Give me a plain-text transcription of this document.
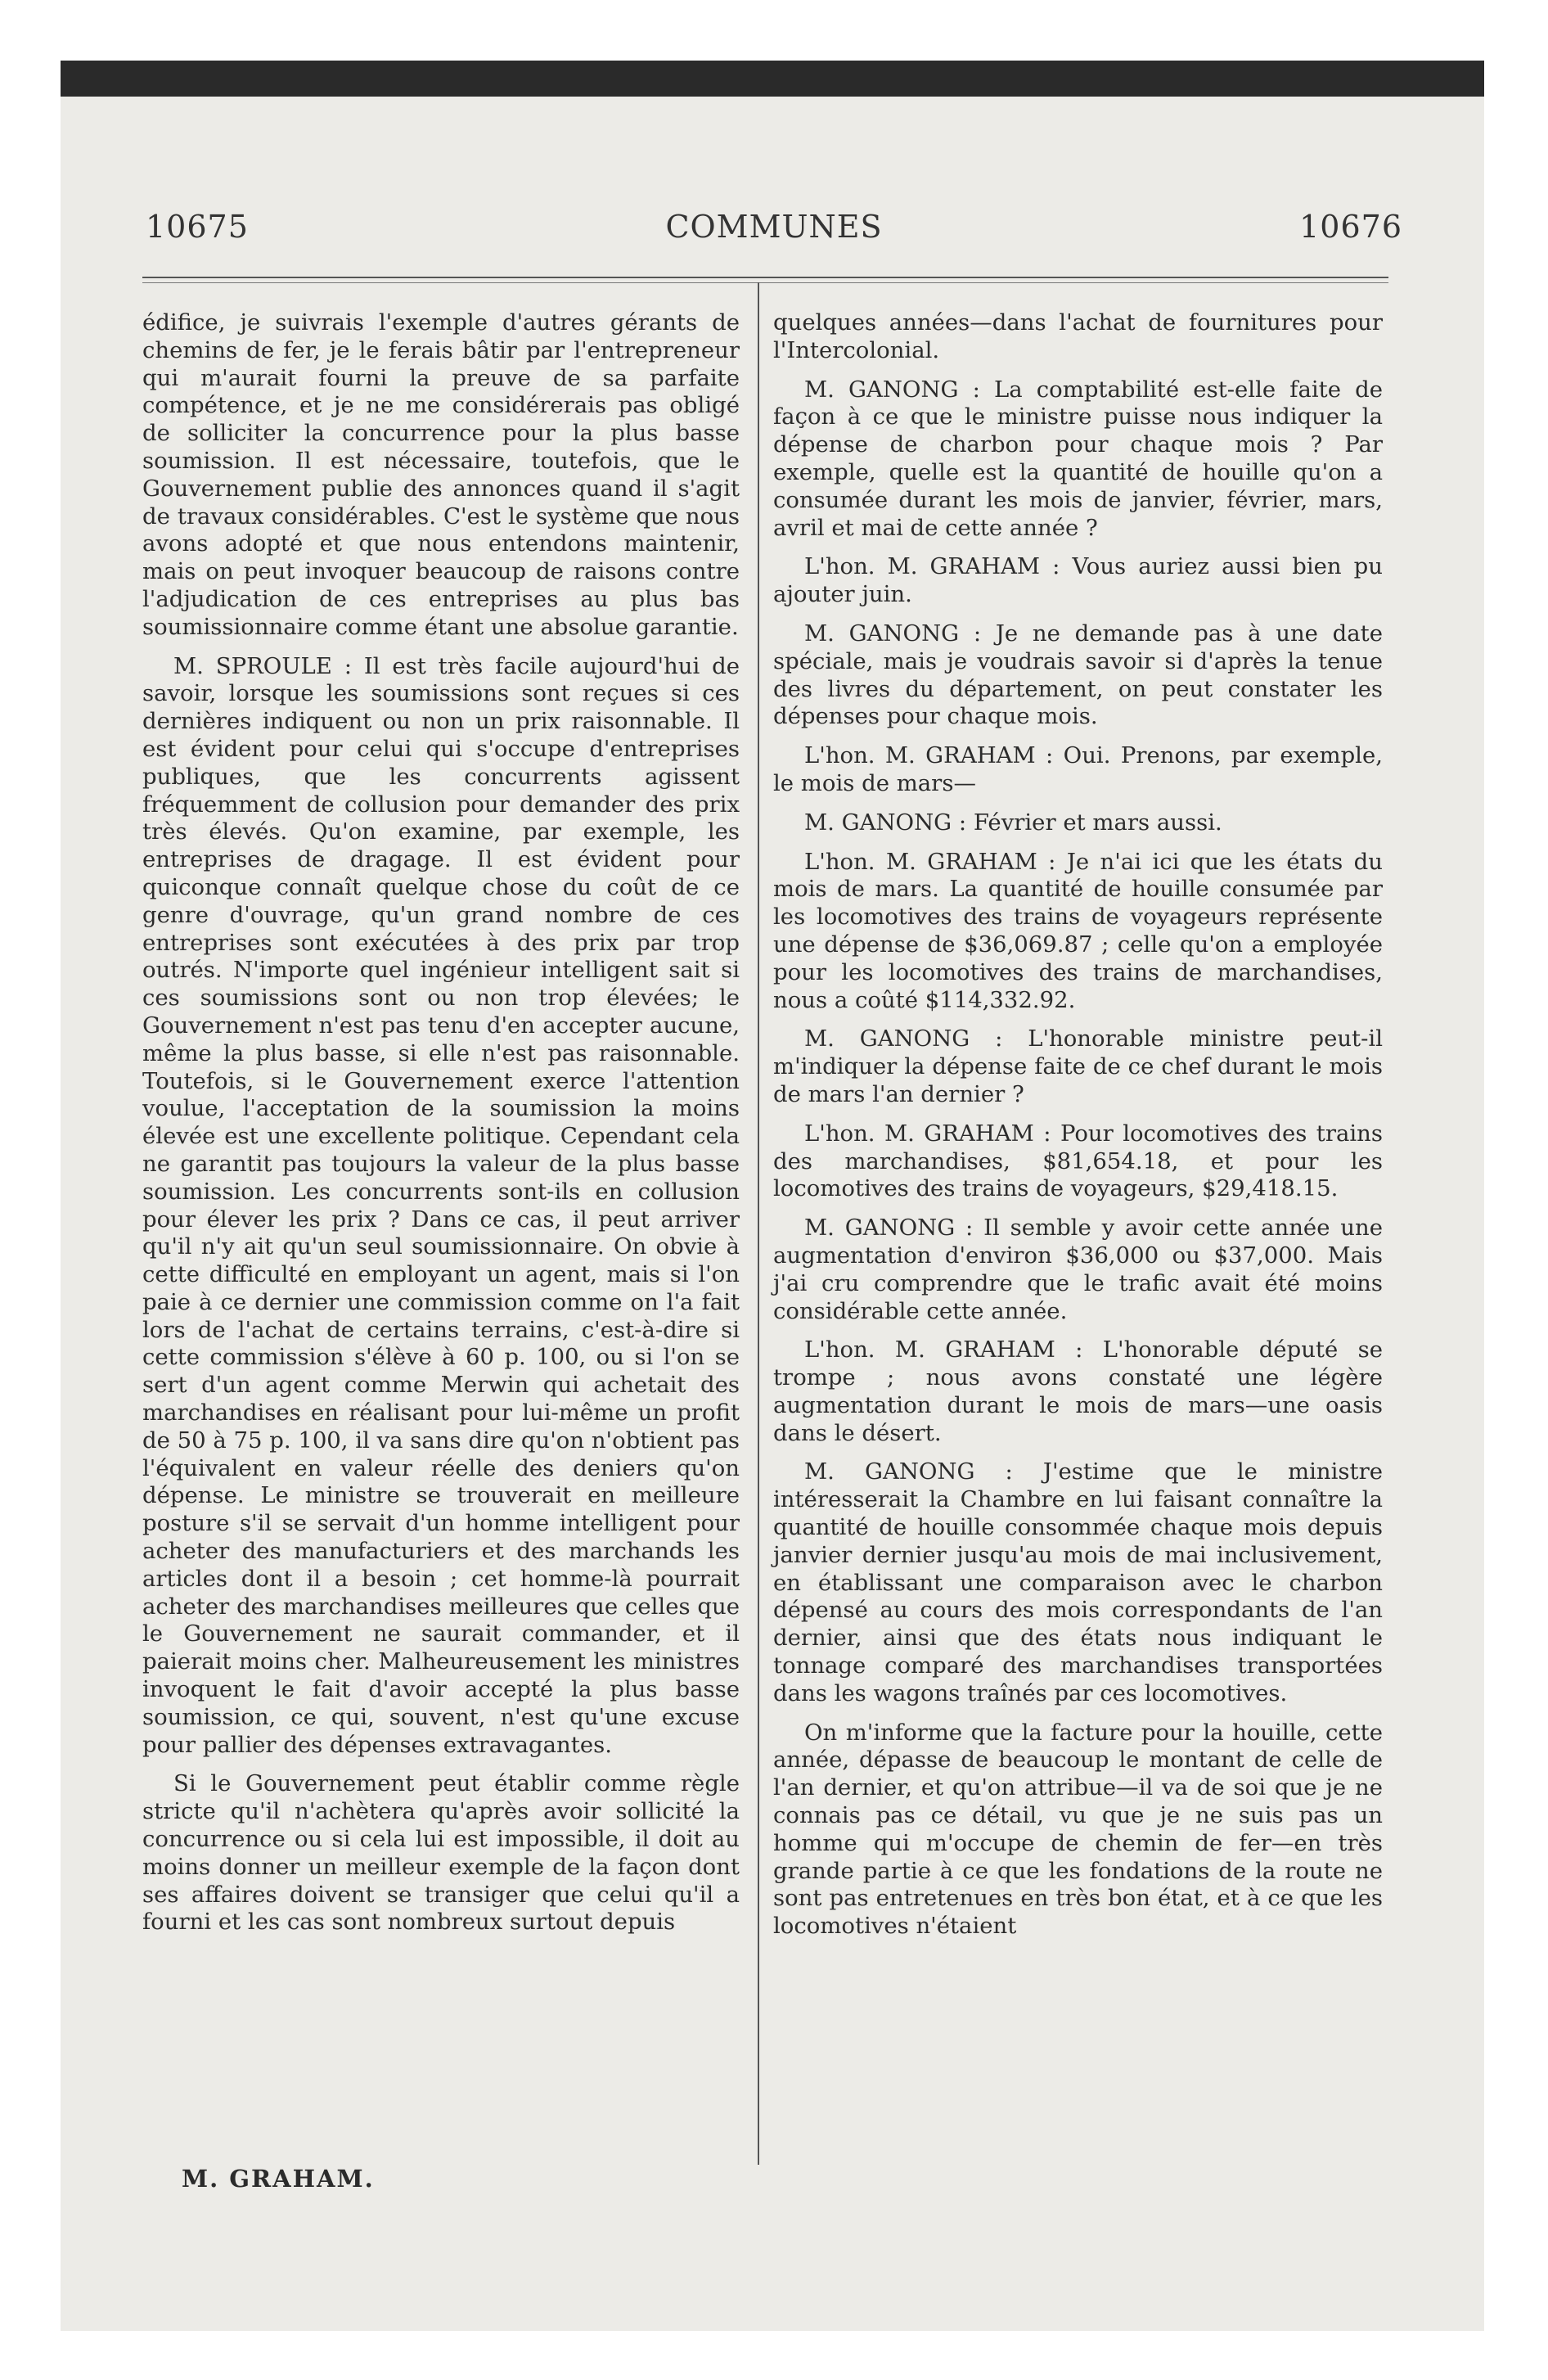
10675	COMMUNES	10676

édifice, je suivrais l'exemple d'autres gérants de chemins de fer, je le ferais bâtir par l'entrepreneur qui m'aurait fourni la preuve de sa parfaite compétence, et je ne me considérerais pas obligé de solliciter la concurrence pour la plus basse soumission. Il est nécessaire, toutefois, que le Gouvernement publie des annonces quand il s'agit de travaux considérables. C'est le système que nous avons adopté et que nous entendons maintenir, mais on peut invoquer beaucoup de raisons contre l'adjudication de ces entreprises au plus bas soumissionnaire comme étant une absolue garantie.

M. SPROULE : Il est très facile aujourd'hui de savoir, lorsque les soumissions sont reçues si ces dernières indiquent ou non un prix raisonnable. Il est évident pour celui qui s'occupe d'entreprises publiques, que les concurrents agissent fréquemment de collusion pour demander des prix très élevés. Qu'on examine, par exemple, les entreprises de dragage. Il est évident pour quiconque connaît quelque chose du coût de ce genre d'ouvrage, qu'un grand nombre de ces entreprises sont exécutées à des prix par trop outrés. N'importe quel ingénieur intelligent sait si ces soumissions sont ou non trop élevées; le Gouvernement n'est pas tenu d'en accepter aucune, même la plus basse, si elle n'est pas raisonnable. Toutefois, si le Gouvernement exerce l'attention voulue, l'acceptation de la soumission la moins élevée est une excellente politique. Cependant cela ne garantit pas toujours la valeur de la plus basse soumission. Les concurrents sont-ils en collusion pour élever les prix ? Dans ce cas, il peut arriver qu'il n'y ait qu'un seul soumissionnaire. On obvie à cette difficulté en employant un agent, mais si l'on paie à ce dernier une commission comme on l'a fait lors de l'achat de certains terrains, c'est-à-dire si cette commission s'élève à 60 p. 100, ou si l'on se sert d'un agent comme Merwin qui achetait des marchandises en réalisant pour lui-même un profit de 50 à 75 p. 100, il va sans dire qu'on n'obtient pas l'équivalent en valeur réelle des deniers qu'on dépense. Le ministre se trouverait en meilleure posture s'il se servait d'un homme intelligent pour acheter des manufacturiers et des marchands les articles dont il a besoin ; cet homme-là pourrait acheter des marchandises meilleures que celles que le Gouvernement ne saurait commander, et il paierait moins cher. Malheureusement les ministres invoquent le fait d'avoir accepté la plus basse soumission, ce qui, souvent, n'est qu'une excuse pour pallier des dépenses extravagantes.

Si le Gouvernement peut établir comme règle stricte qu'il n'achètera qu'après avoir sollicité la concurrence ou si cela lui est impossible, il doit au moins donner un meilleur exemple de la façon dont ses affaires doivent se transiger que celui qu'il a fourni et les cas sont nombreux surtout depuis

M. GRAHAM.

quelques années—dans l'achat de fournitures pour l'Intercolonial.

M. GANONG : La comptabilité est-elle faite de façon à ce que le ministre puisse nous indiquer la dépense de charbon pour chaque mois ? Par exemple, quelle est la quantité de houille qu'on a consumée durant les mois de janvier, février, mars, avril et mai de cette année ?

L'hon. M. GRAHAM : Vous auriez aussi bien pu ajouter juin.

M. GANONG : Je ne demande pas à une date spéciale, mais je voudrais savoir si d'après la tenue des livres du département, on peut constater les dépenses pour chaque mois.

L'hon. M. GRAHAM : Oui. Prenons, par exemple, le mois de mars—

M. GANONG : Février et mars aussi.

L'hon. M. GRAHAM : Je n'ai ici que les états du mois de mars. La quantité de houille consumée par les locomotives des trains de voyageurs représente une dépense de $36,069.87 ; celle qu'on a employée pour les locomotives des trains de marchandises, nous a coûté $114,332.92.

M. GANONG : L'honorable ministre peut-il m'indiquer la dépense faite de ce chef durant le mois de mars l'an dernier ?

L'hon. M. GRAHAM : Pour locomotives des trains des marchandises, $81,654.18, et pour les locomotives des trains de voyageurs, $29,418.15.

M. GANONG : Il semble y avoir cette année une augmentation d'environ $36,000 ou $37,000. Mais j'ai cru comprendre que le trafic avait été moins considérable cette année.

L'hon. M. GRAHAM : L'honorable député se trompe ; nous avons constaté une légère augmentation durant le mois de mars—une oasis dans le désert.

M. GANONG : J'estime que le ministre intéresserait la Chambre en lui faisant connaître la quantité de houille consommée chaque mois depuis janvier dernier jusqu'au mois de mai inclusivement, en établissant une comparaison avec le charbon dépensé au cours des mois correspondants de l'an dernier, ainsi que des états nous indiquant le tonnage comparé des marchandises transportées dans les wagons traînés par ces locomotives.

On m'informe que la facture pour la houille, cette année, dépasse de beaucoup le montant de celle de l'an dernier, et qu'on attribue—il va de soi que je ne connais pas ce détail, vu que je ne suis pas un homme qui m'occupe de chemin de fer—en très grande partie à ce que les fondations de la route ne sont pas entretenues en très bon état, et à ce que les locomotives n'étaient
